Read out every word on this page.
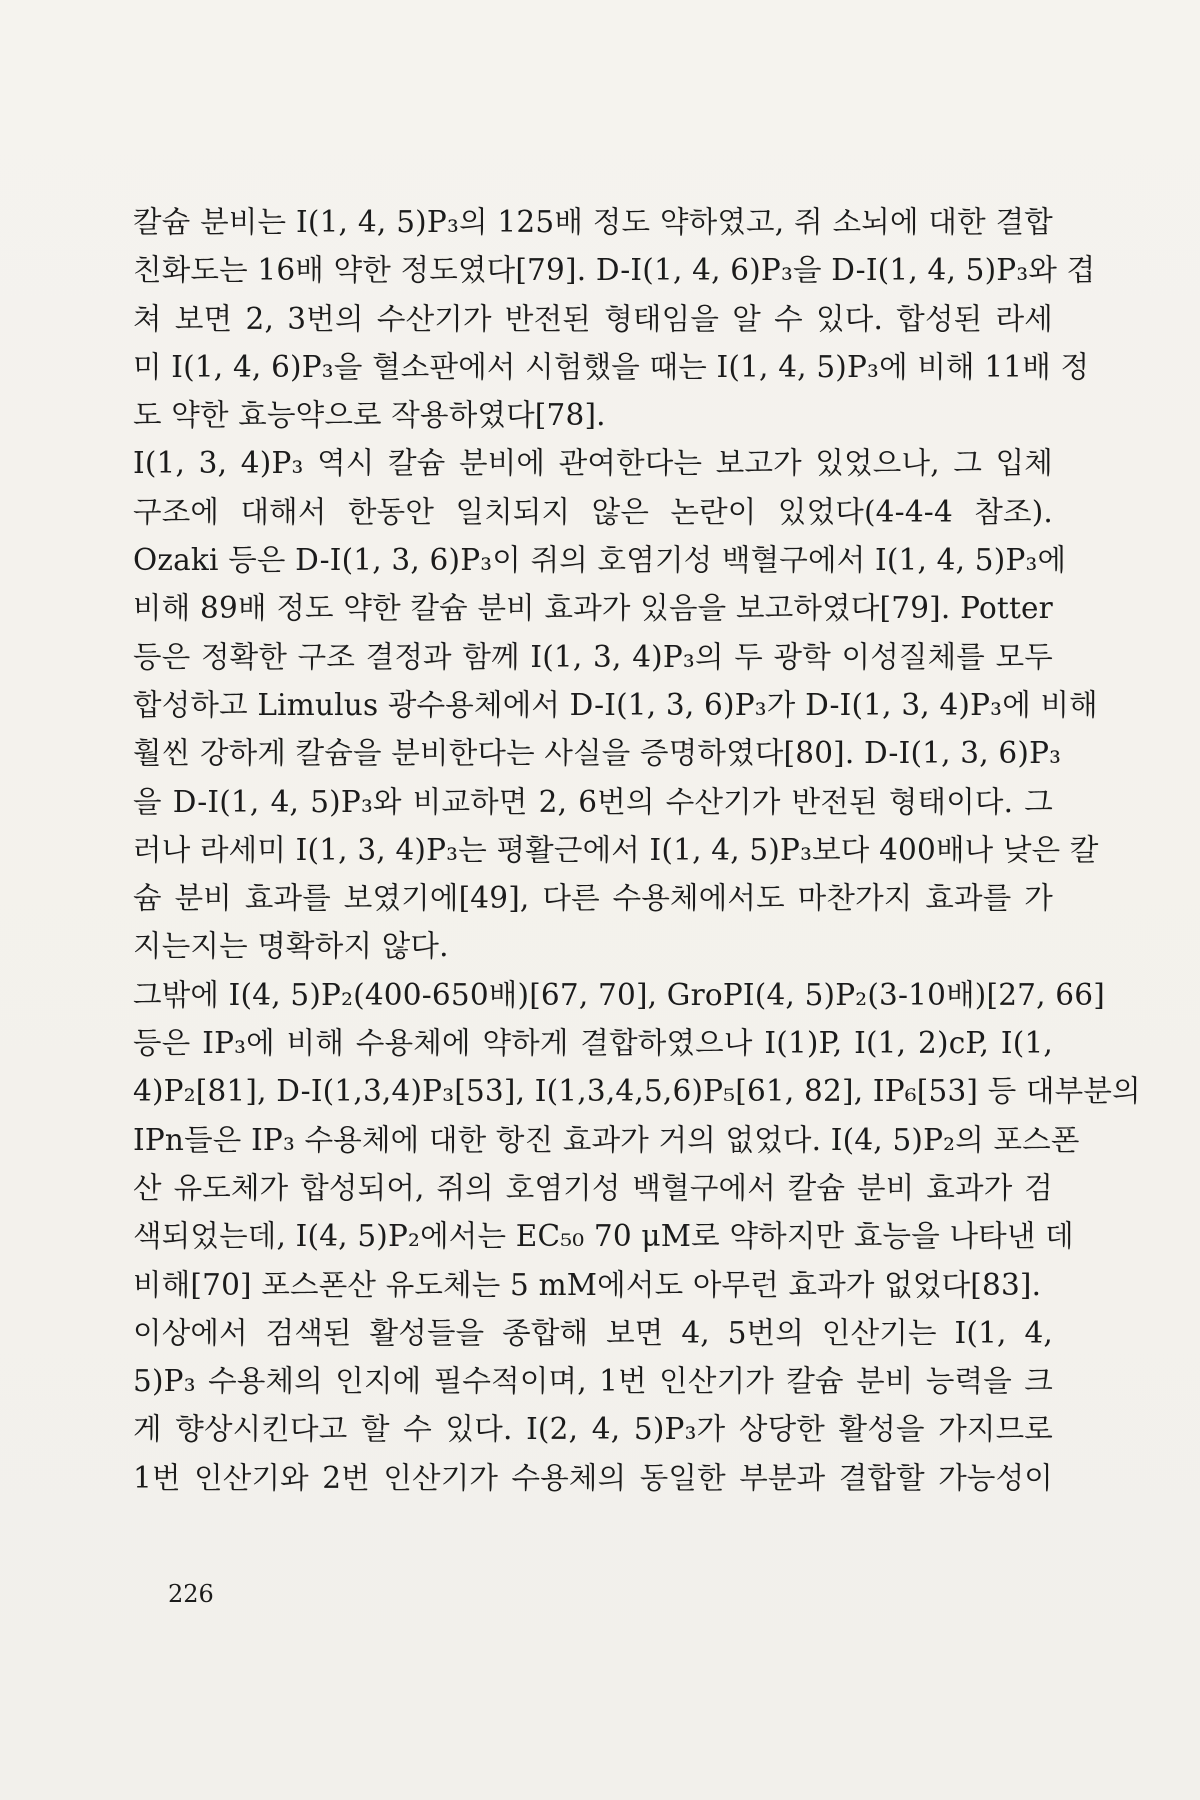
칼슘 분비는 I(1, 4, 5)P₃의 125배 정도 약하였고, 쥐 소뇌에 대한 결합
친화도는 16배 약한 정도였다[79]. D-I(1, 4, 6)P₃을 D-I(1, 4, 5)P₃와 겹
쳐 보면 2, 3번의 수산기가 반전된 형태임을 알 수 있다. 합성된 라세
미 I(1, 4, 6)P₃을 혈소판에서 시험했을 때는 I(1, 4, 5)P₃에 비해 11배 정
도 약한 효능약으로 작용하였다[78].
I(1, 3, 4)P₃ 역시 칼슘 분비에 관여한다는 보고가 있었으나, 그 입체
구조에 대해서 한동안 일치되지 않은 논란이 있었다(4-4-4 참조).
Ozaki 등은 D-I(1, 3, 6)P₃이 쥐의 호염기성 백혈구에서 I(1, 4, 5)P₃에
비해 89배 정도 약한 칼슘 분비 효과가 있음을 보고하였다[79]. Potter
등은 정확한 구조 결정과 함께 I(1, 3, 4)P₃의 두 광학 이성질체를 모두
합성하고 Limulus 광수용체에서 D-I(1, 3, 6)P₃가 D-I(1, 3, 4)P₃에 비해
훨씬 강하게 칼슘을 분비한다는 사실을 증명하였다[80]. D-I(1, 3, 6)P₃
을 D-I(1, 4, 5)P₃와 비교하면 2, 6번의 수산기가 반전된 형태이다. 그
러나 라세미 I(1, 3, 4)P₃는 평활근에서 I(1, 4, 5)P₃보다 400배나 낮은 칼
슘 분비 효과를 보였기에[49], 다른 수용체에서도 마찬가지 효과를 가
지는지는 명확하지 않다.
그밖에 I(4, 5)P₂(400-650배)[67, 70], GroPI(4, 5)P₂(3-10배)[27, 66]
등은 IP₃에 비해 수용체에 약하게 결합하였으나 I(1)P, I(1, 2)cP, I(1,
4)P₂[81], D-I(1,3,4)P₃[53], I(1,3,4,5,6)P₅[61, 82], IP₆[53] 등 대부분의
IPn들은 IP₃ 수용체에 대한 항진 효과가 거의 없었다. I(4, 5)P₂의 포스폰
산 유도체가 합성되어, 쥐의 호염기성 백혈구에서 칼슘 분비 효과가 검
색되었는데, I(4, 5)P₂에서는 EC₅₀ 70 μM로 약하지만 효능을 나타낸 데
비해[70] 포스폰산 유도체는 5 mM에서도 아무런 효과가 없었다[83].
이상에서 검색된 활성들을 종합해 보면 4, 5번의 인산기는 I(1, 4,
5)P₃ 수용체의 인지에 필수적이며, 1번 인산기가 칼슘 분비 능력을 크
게 향상시킨다고 할 수 있다. I(2, 4, 5)P₃가 상당한 활성을 가지므로
1번 인산기와 2번 인산기가 수용체의 동일한 부분과 결합할 가능성이
226
